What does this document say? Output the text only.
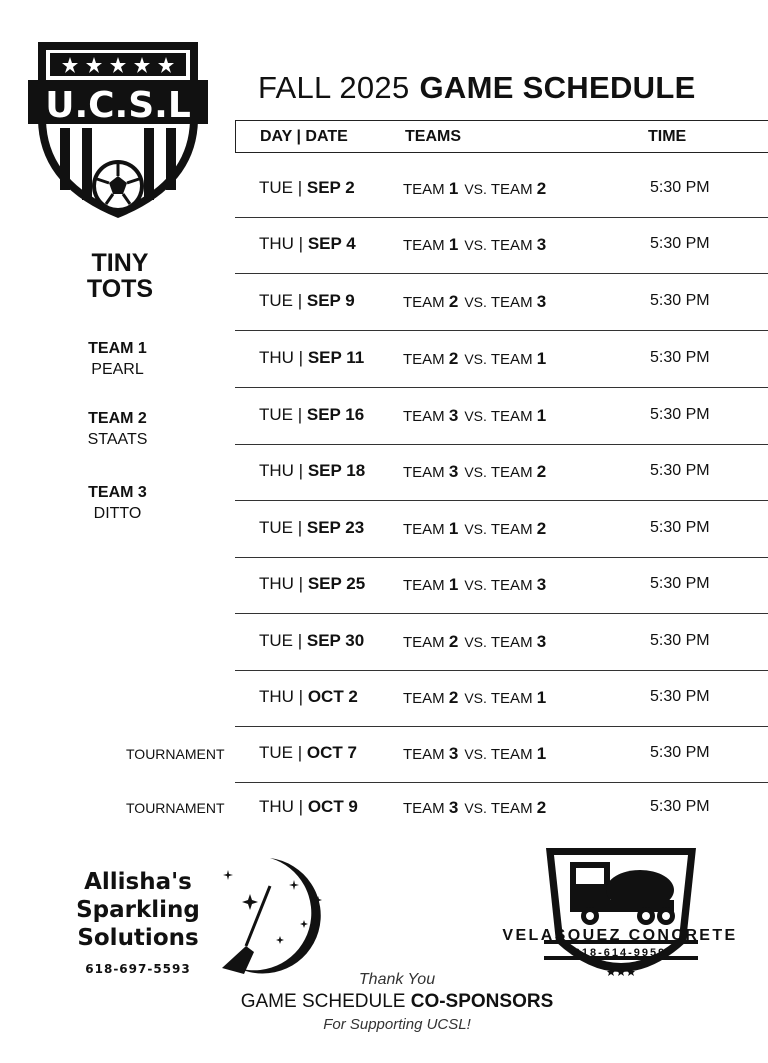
U.C.S.L FALL 2025 GAME SCHEDULE
DAY | DATE	TEAMS	TIME
TINY
TOTS
TEAM 1
PEARL
TEAM 2
STAATS
TEAM 3
DITTO
TUE | SEP 2	TEAM 1 VS. TEAM 2	5:30 PM
THU | SEP 4	TEAM 1 VS. TEAM 3	5:30 PM
TUE | SEP 9	TEAM 2 VS. TEAM 3	5:30 PM
THU | SEP 11	TEAM 2 VS. TEAM 1	5:30 PM
TUE | SEP 16	TEAM 3 VS. TEAM 1	5:30 PM
THU | SEP 18	TEAM 3 VS. TEAM 2	5:30 PM
TUE | SEP 23	TEAM 1 VS. TEAM 2	5:30 PM
THU | SEP 25	TEAM 1 VS. TEAM 3	5:30 PM
TUE | SEP 30	TEAM 2 VS. TEAM 3	5:30 PM
THU | OCT 2	TEAM 2 VS. TEAM 1	5:30 PM
TUE | OCT 7	TEAM 3 VS. TEAM 1	5:30 PM
THU | OCT 9	TEAM 3 VS. TEAM 2	5:30 PM
Allisha's
Sparkling
Solutions
618-697-5593
VELASQUEZ CONCRETE
618-614-9959
Thank You
GAME SCHEDULE CO-SPONSORS
For Supporting UCSL!
TOURNAMENT
TOURNAMENT
